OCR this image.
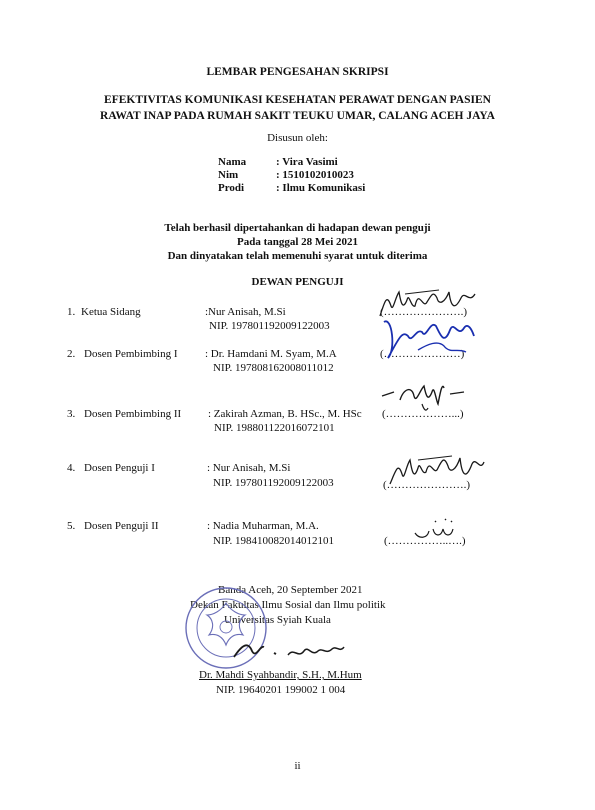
LEMBAR PENGESAHAN SKRIPSI
EFEKTIVITAS KOMUNIKASI KESEHATAN PERAWAT DENGAN PASIEN
RAWAT INAP PADA RUMAH SAKIT TEUKU UMAR, CALANG ACEH JAYA
Disusun oleh:
Nama	: Vira Vasimi
Nim	: 1510102010023
Prodi	: Ilmu Komunikasi
Telah berhasil dipertahankan di hadapan dewan penguji
Pada tanggal 28 Mei 2021
Dan dinyatakan telah memenuhi syarat untuk diterima
DEWAN PENGUJI
1. Ketua Sidang	:Nur Anisah, M.Si
NIP. 197801192009122003
(………………….)
2. Dosen Pembimbing I	: Dr. Hamdani M. Syam, M.A
NIP. 197808162008011012
(…………………)
3. Dosen Pembimbing II : Zakirah Azman, B. HSc., M. HSc
NIP. 198801122016072101
(………………...)
4. Dosen Penguji I	: Nur Anisah, M.Si
NIP. 197801192009122003	(………………….)
5. Dosen Penguji II	: Nadia Muharman, M.A.
NIP. 198410082014012101	(……………..….)
Banda Aceh, 20 September 2021
Dekan Fakultas Ilmu Sosial dan Ilmu politik
Universitas Syiah Kuala
Dr. Mahdi Syahbandir, S.H., M.Hum
NIP. 19640201 199002 1 004
ii
